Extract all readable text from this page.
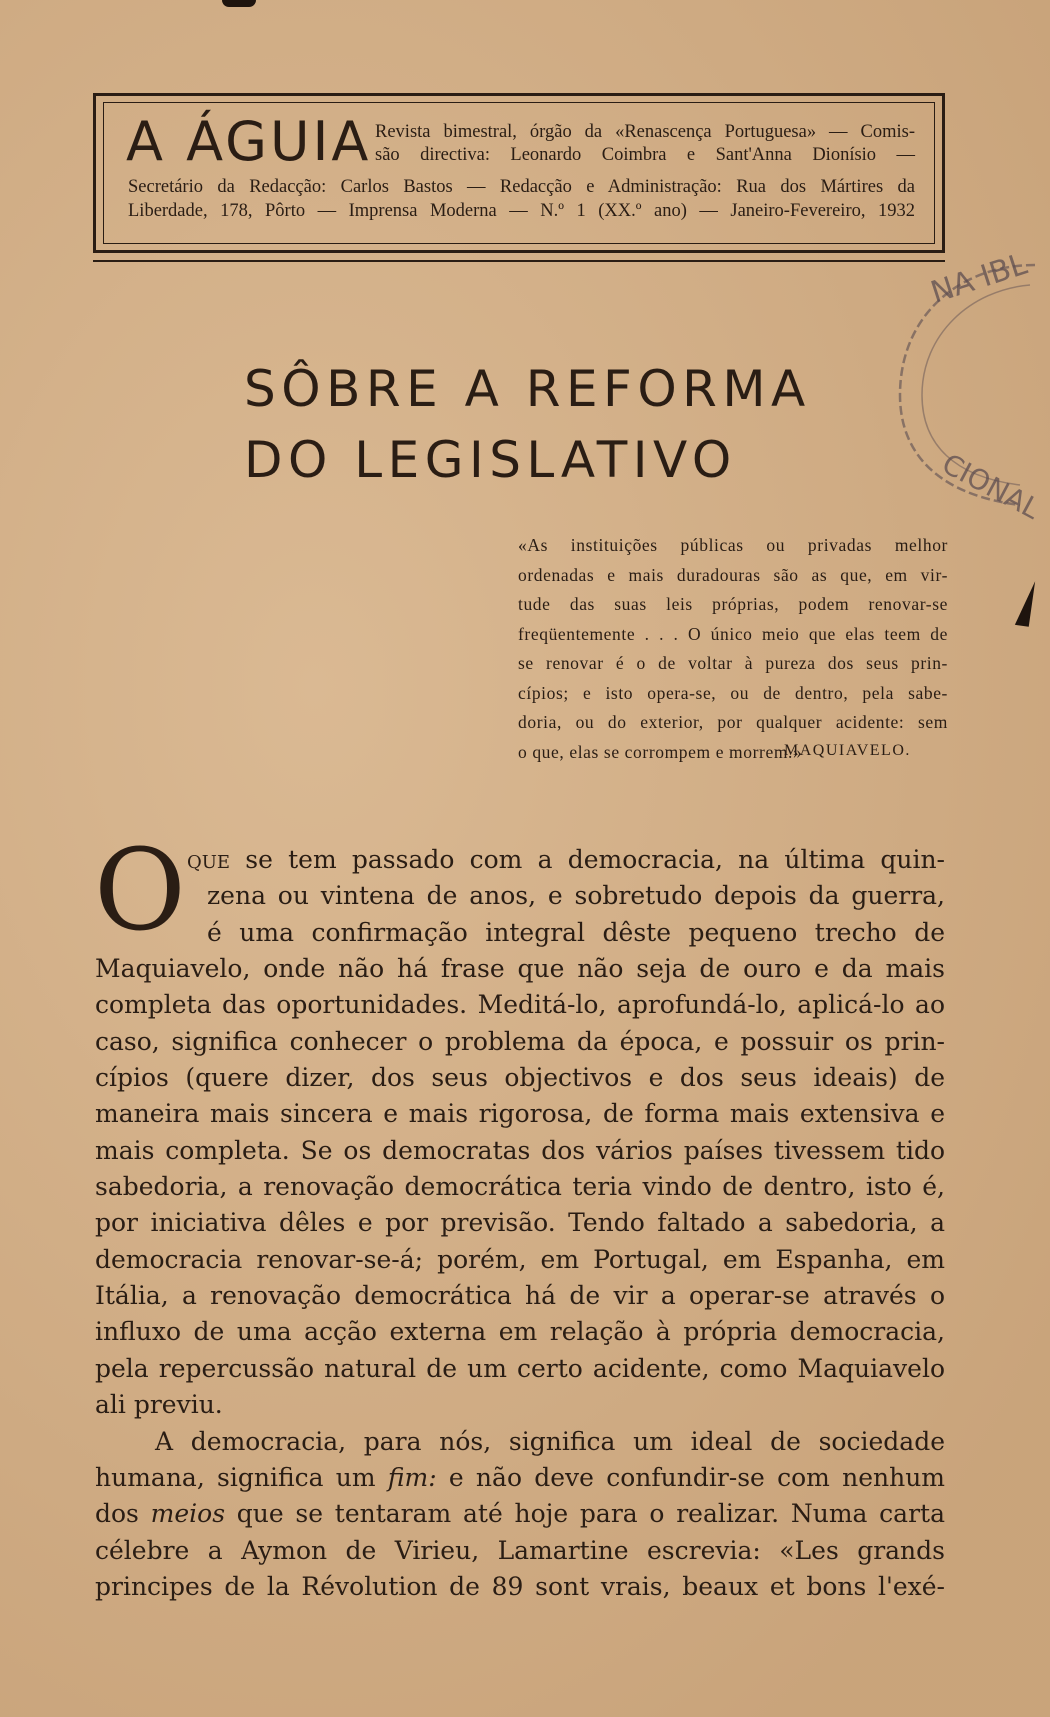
A ÁGUIA Revista bimestral, órgão da «Renascença Portuguesa» — Comis-
são directiva: Leonardo Coimbra e Sant'Anna Dionísio —
Secretário da Redacção: Carlos Bastos — Redacção e Administração: Rua dos Mártires da
Liberdade, 178, Pôrto — Imprensa Moderna — N.º 1 (XX.º ano) — Janeiro-Fevereiro, 1932
NA IBL
CIONAL
SÔBRE A REFORMA
DO LEGISLATIVO
«As instituições públicas ou privadas melhor
ordenadas e mais duradouras são as que, em vir-
tude das suas leis próprias, podem renovar-se
freqüentemente . . . O único meio que elas teem de
se renovar é o de voltar à pureza dos seus prin-
cípios; e isto opera-se, ou de dentro, pela sabe-
doria, ou do exterior, por qualquer acidente: sem
o que, elas se corrompem e morrem.»
MAQUIAVELO.
O que se tem passado com a democracia, na última quin-
zena ou vintena de anos, e sobretudo depois da guerra,
é uma confirmação integral dêste pequeno trecho de
Maquiavelo, onde não há frase que não seja de ouro e da mais
completa das oportunidades. Meditá-lo, aprofundá-lo, aplicá-lo ao
caso, significa conhecer o problema da época, e possuir os prin-
cípios (quere dizer, dos seus objectivos e dos seus ideais) de
maneira mais sincera e mais rigorosa, de forma mais extensiva e
mais completa. Se os democratas dos vários países tivessem tido
sabedoria, a renovação democrática teria vindo de dentro, isto é,
por iniciativa dêles e por previsão. Tendo faltado a sabedoria, a
democracia renovar-se-á; porém, em Portugal, em Espanha, em
Itália, a renovação democrática há de vir a operar-se através o
influxo de uma acção externa em relação à própria democracia,
pela repercussão natural de um certo acidente, como Maquiavelo
ali previu.
A democracia, para nós, significa um ideal de sociedade
humana, significa um fim: e não deve confundir-se com nenhum
dos meios que se tentaram até hoje para o realizar. Numa carta
célebre a Aymon de Virieu, Lamartine escrevia: «Les grands
principes de la Révolution de 89 sont vrais, beaux et bons l'exé-
